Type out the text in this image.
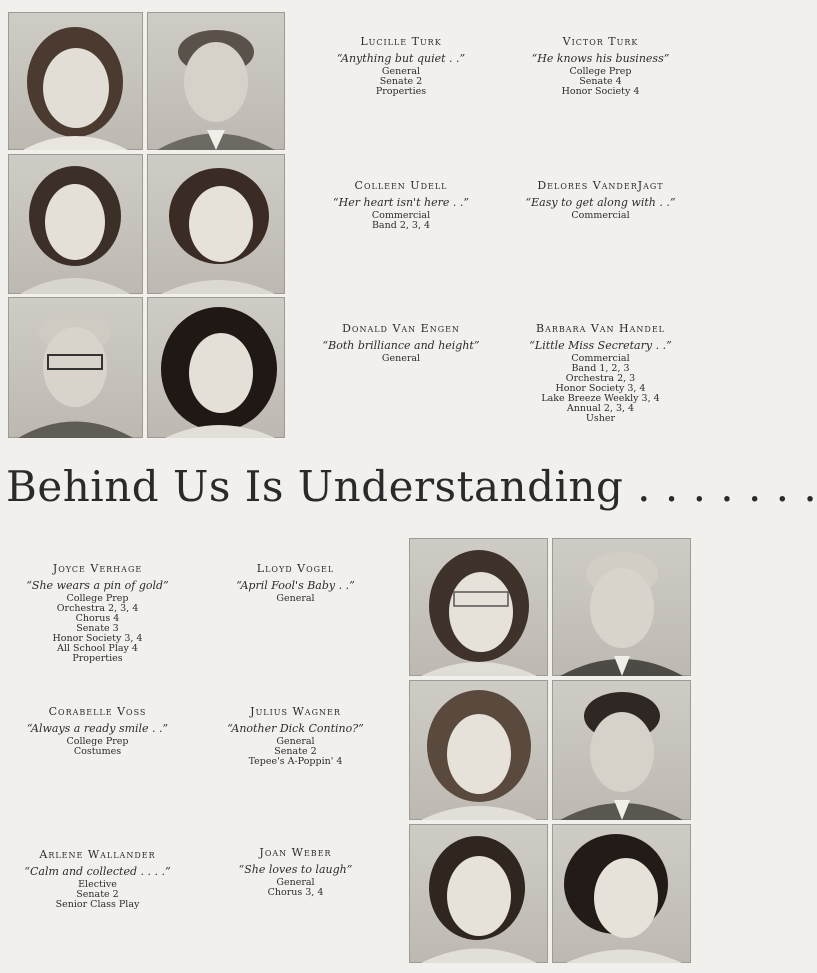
Lucille Turk
“Anything but quiet . .”
General
Senate 2
Properties
Victor Turk
“He knows his business”
College Prep
Senate 4
Honor Society 4
Colleen Udell
“Her heart isn't here . .”
Commercial
Band 2, 3, 4
Delores VanderJagt
“Easy to get along with . .”
Commercial
Donald Van Engen
“Both brilliance and height”
General
Barbara Van Handel
“Little Miss Secretary . .”
Commercial
Band 1, 2, 3
Orchestra 2, 3
Honor Society 3, 4
Lake Breeze Weekly 3, 4
Annual 2, 3, 4
Usher
Behind Us Is Understanding . . . . . . .
Joyce Verhage
“She wears a pin of gold”
College Prep
Orchestra 2, 3, 4
Chorus 4
Senate 3
Honor Society 3, 4
All School Play 4
Properties
Lloyd Vogel
“April Fool's Baby . .”
General
Corabelle Voss
“Always a ready smile . .”
College Prep
Costumes
Julius Wagner
“Another Dick Contino?”
General
Senate 2
Tepee's A-Poppin' 4
Arlene Wallander
“Calm and collected . . . .”
Elective
Senate 2
Senior Class Play
Joan Weber
“She loves to laugh”
General
Chorus 3, 4
